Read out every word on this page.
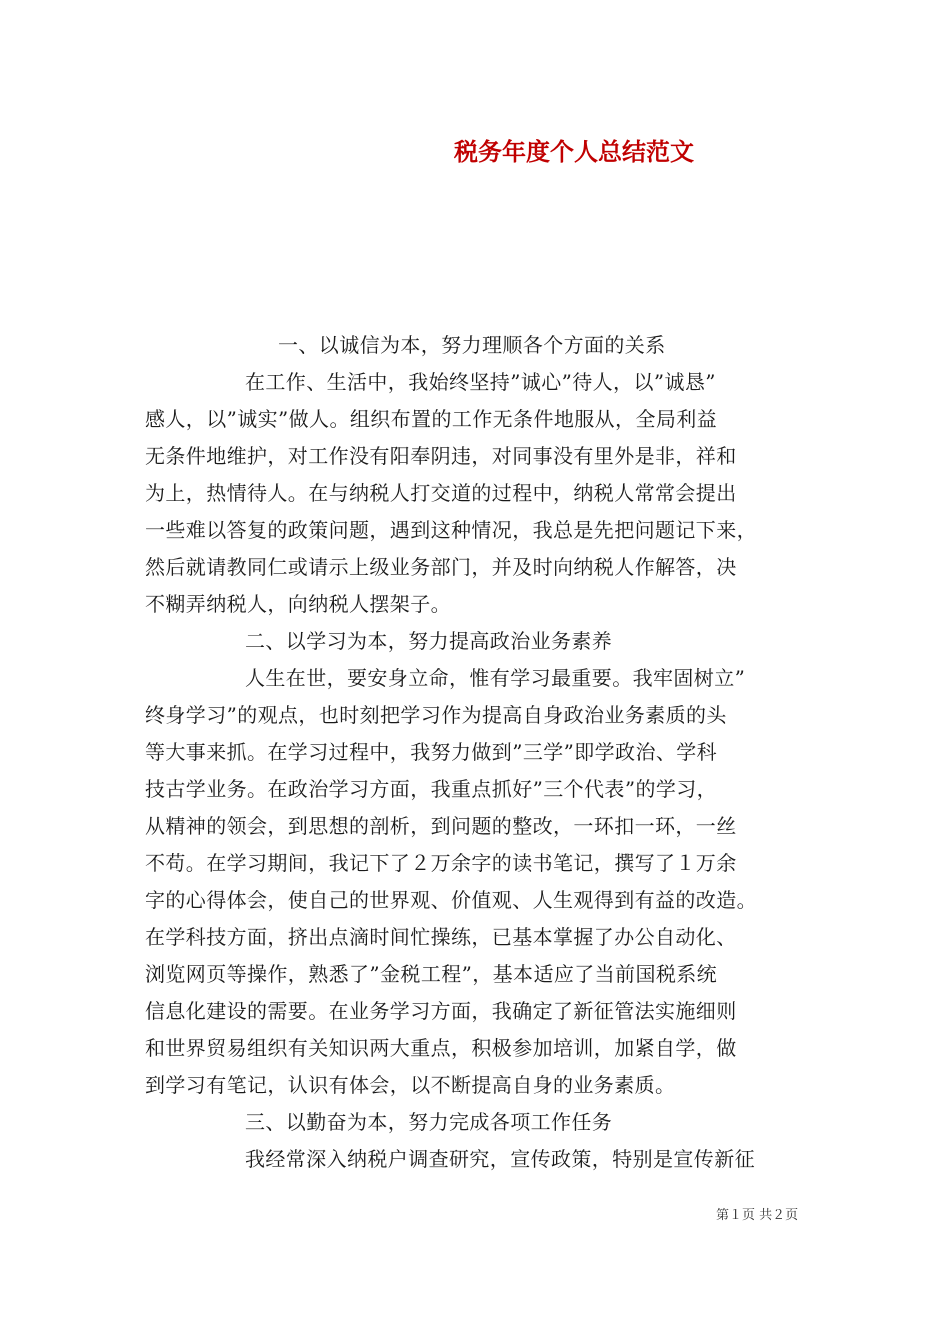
税务年度个人总结范文
一、以诚信为本，努力理顺各个方面的关系
在工作、生活中，我始终坚持”诚心”待人，以”诚恳”
感人，以”诚实”做人。组织布置的工作无条件地服从，全局利益
无条件地维护，对工作没有阳奉阴违，对同事没有里外是非，祥和
为上，热情待人。在与纳税人打交道的过程中，纳税人常常会提出
一些难以答复的政策问题，遇到这种情况，我总是先把问题记下来，
然后就请教同仁或请示上级业务部门，并及时向纳税人作解答，决
不糊弄纳税人，向纳税人摆架子。
二、以学习为本，努力提高政治业务素养
人生在世，要安身立命，惟有学习最重要。我牢固树立”
终身学习”的观点，也时刻把学习作为提高自身政治业务素质的头
等大事来抓。在学习过程中，我努力做到”三学”即学政治、学科
技古学业务。在政治学习方面，我重点抓好”三个代表”的学习，
从精神的领会，到思想的剖析，到问题的整改，一环扣一环，一丝
不苟。在学习期间，我记下了２万余字的读书笔记，撰写了１万余
字的心得体会，使自己的世界观、价值观、人生观得到有益的改造。
在学科技方面，挤出点滴时间忙操练，已基本掌握了办公自动化、
浏览网页等操作，熟悉了”金税工程”，基本适应了当前国税系统
信息化建设的需要。在业务学习方面，我确定了新征管法实施细则
和世界贸易组织有关知识两大重点，积极参加培训，加紧自学，做
到学习有笔记，认识有体会，以不断提高自身的业务素质。
三、以勤奋为本，努力完成各项工作任务
我经常深入纳税户调查研究，宣传政策，特别是宣传新征
第１页 共２页
